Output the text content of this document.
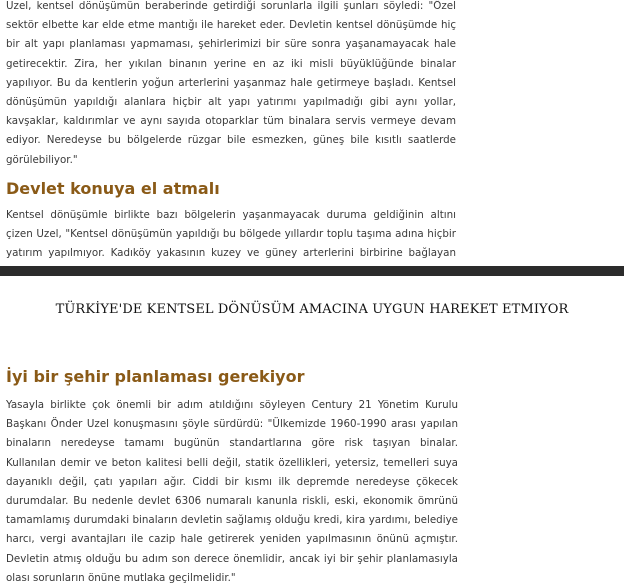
Uzel, kentsel dönüşümün beraberinde getirdiği sorunlarla ilgili şunları söyledi: "Özel sektör elbette kar elde etme mantığı ile hareket eder. Devletin kentsel dönüşümde hiç bir alt yapı planlaması yapmaması, şehirlerimizi bir süre sonra yaşanamayacak hale getirecektir. Zira, her yıkılan binanın yerine en az iki misli büyüklüğünde binalar yapılıyor. Bu da kentlerin yoğun arterlerini yaşanmaz hale getirmeye başladı. Kentsel dönüşümün yapıldığı alanlara hiçbir alt yapı yatırımı yapılmadığı gibi aynı yollar, kavşaklar, kaldırımlar ve aynı sayıda otoparklar tüm binalara servis vermeye devam ediyor. Neredeyse bu bölgelerde rüzgar bile esmezken, güneş bile kısıtlı saatlerde görülebiliyor."

Devlet konuya el atmalı

Kentsel dönüşümle birlikte bazı bölgelerin yaşanmayacak duruma geldiğinin altını çizen Uzel, "Kentsel dönüşümün yapıldığı bu bölgede yıllardır toplu taşıma adına hiçbir yatırım yapılmıyor. Kadıköy yakasının kuzey ve güney arterlerini birbirine bağlayan

TÜRKİYE'DE KENTSEL DÖNÜSÜM AMACINA UYGUN HAREKET ETMIYOR
İyi bir şehir planlaması gerekiyor

Yasayla birlikte çok önemli bir adım atıldığını söyleyen Century 21 Yönetim Kurulu Başkanı Önder Uzel konuşmasını şöyle sürdürdü: "Ülkemizde 1960-1990 arası yapılan binaların neredeyse tamamı bugünün standartlarına göre risk taşıyan binalar. Kullanılan demir ve beton kalitesi belli değil, statik özellikleri, yetersiz, temelleri suya dayanıklı değil, çatı yapıları ağır. Ciddi bir kısmı ilk depremde neredeyse çökecek durumdalar. Bu nedenle devlet 6306 numaralı kanunla riskli, eski, ekonomik ömrünü tamamlamış durumdaki binaların devletin sağlamış olduğu kredi, kira yardımı, belediye harcı, vergi avantajları ile cazip hale getirerek yeniden yapılmasının önünü açmıştır. Devletin atmış olduğu bu adım son derece önemlidir, ancak iyi bir şehir planlamasıyla olası sorunların önüne mutlaka geçilmelidir."
